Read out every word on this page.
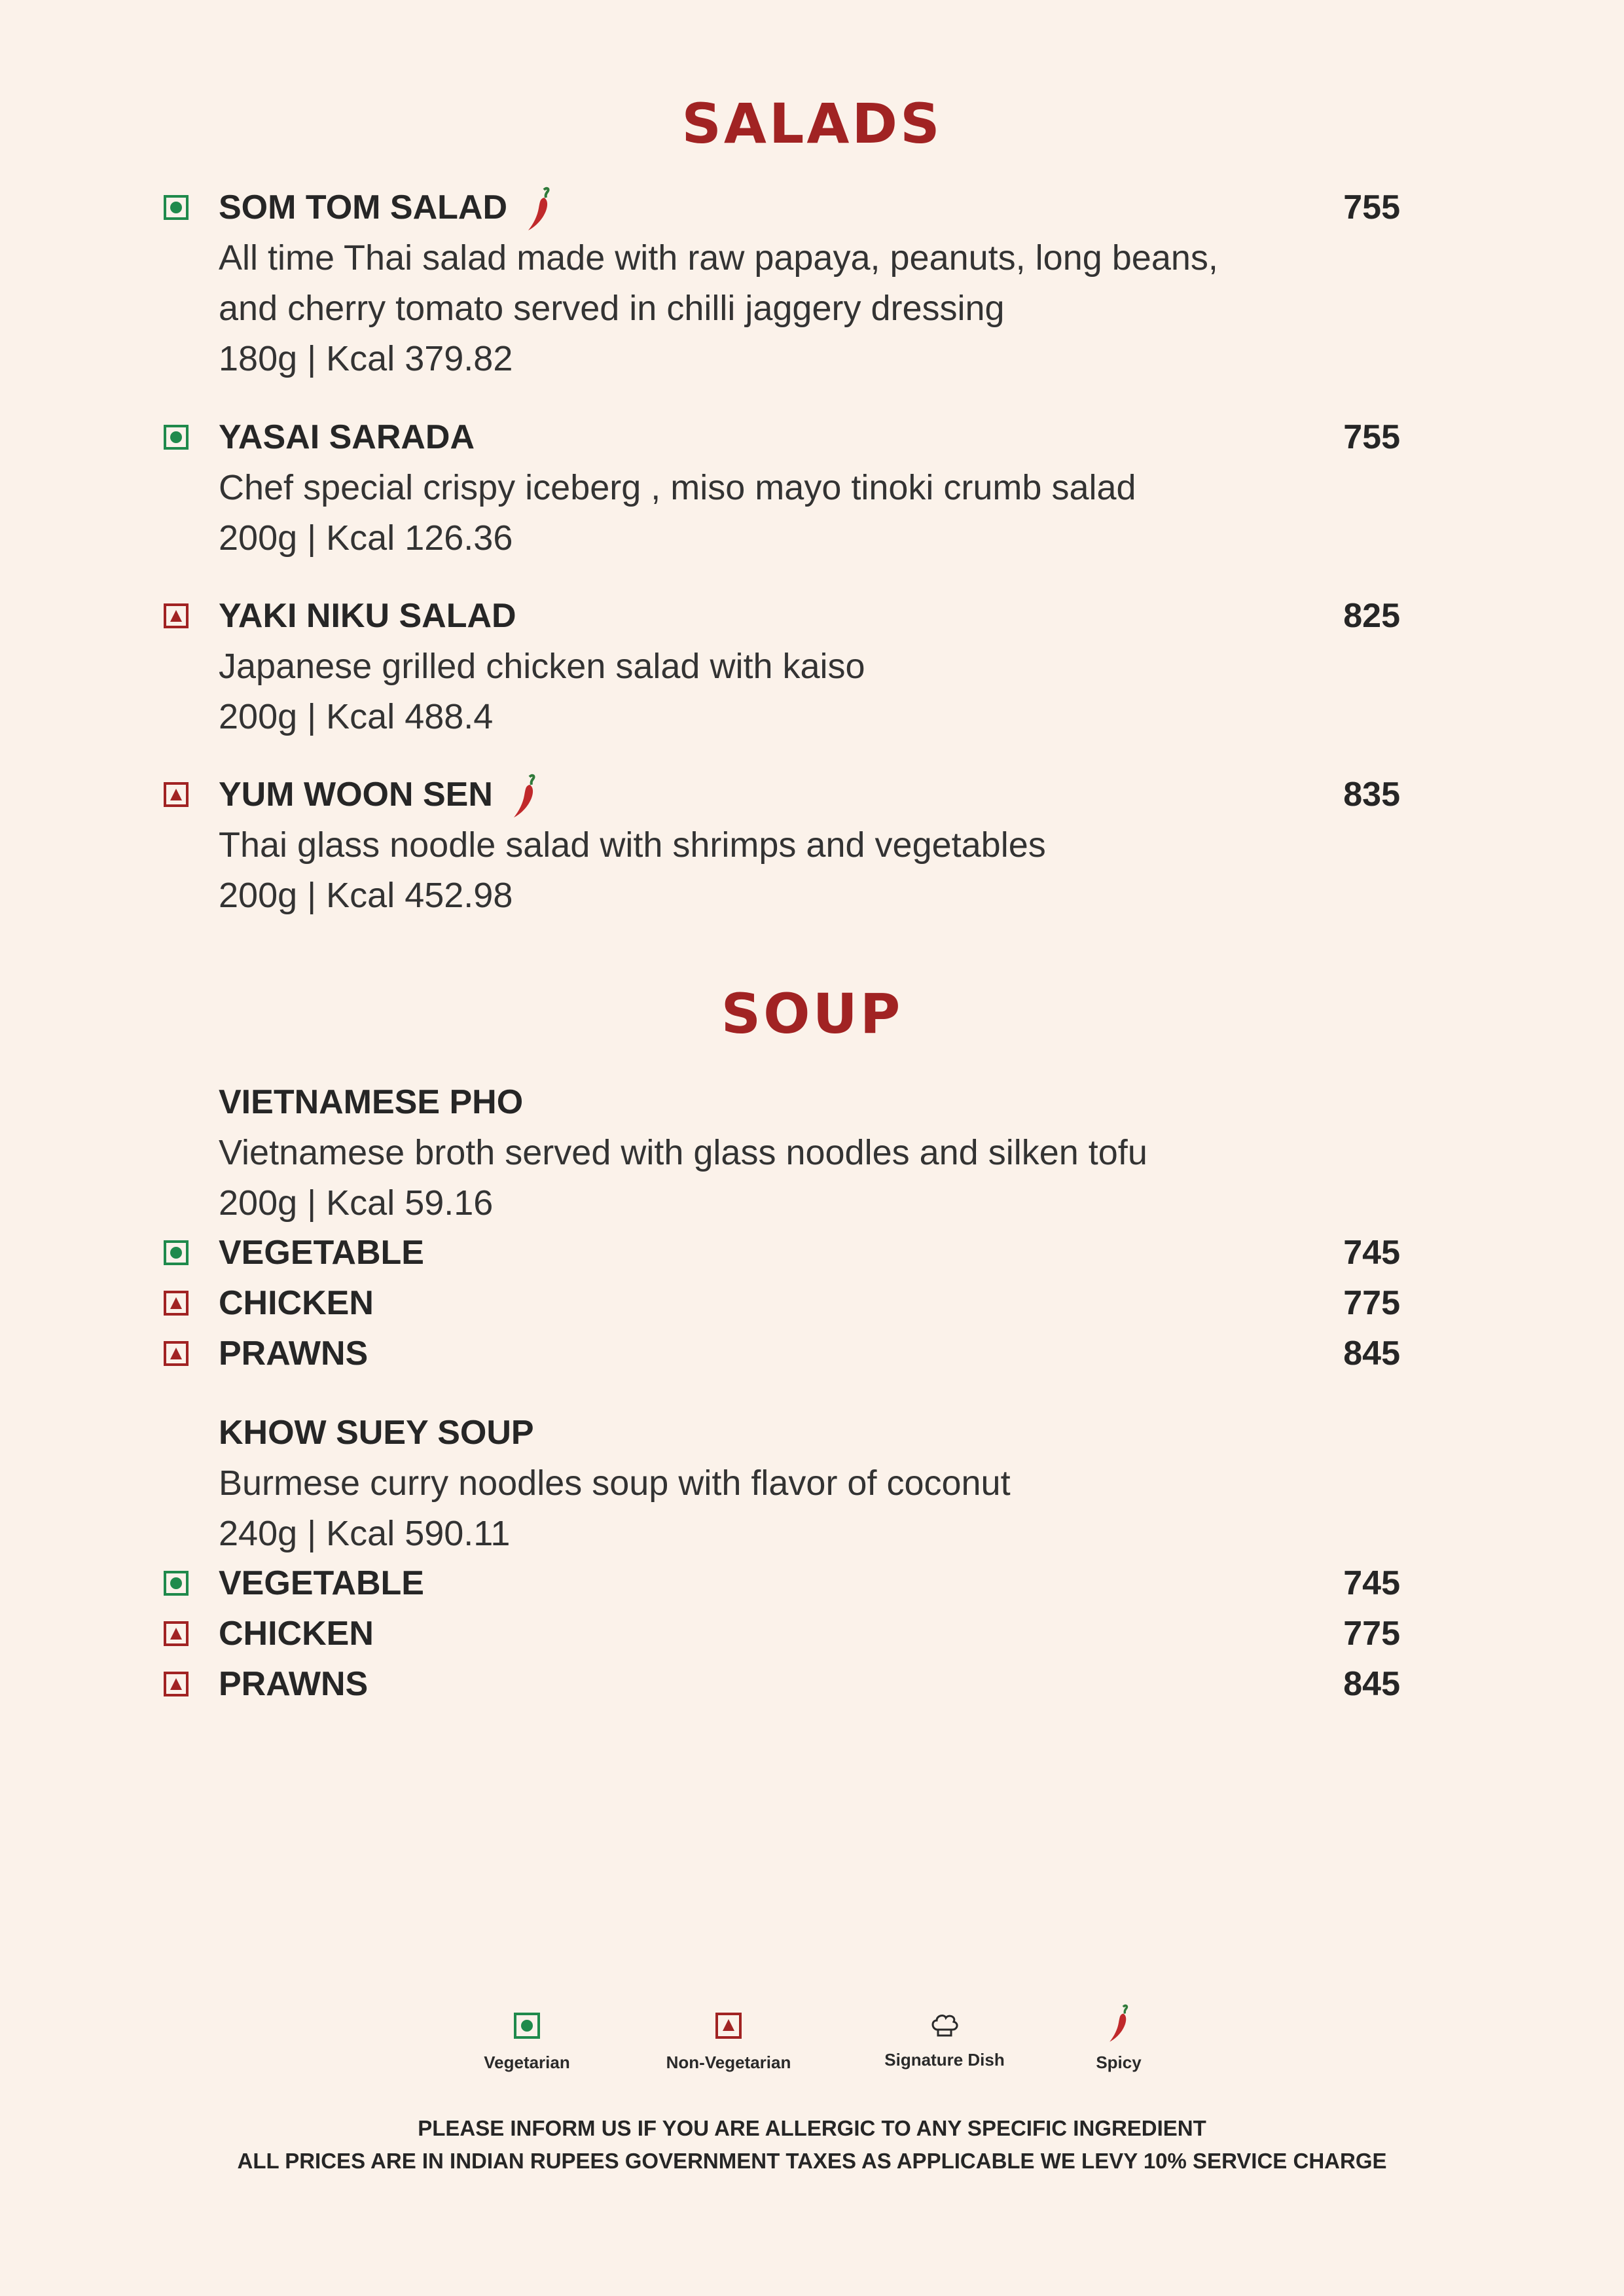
SALADS
SOM TOM SALAD	755
All time Thai salad made with raw papaya, peanuts, long beans,
and cherry tomato served in chilli jaggery dressing
180g | Kcal 379.82
YASAI SARADA	755
Chef special crispy iceberg , miso mayo tinoki crumb salad
200g | Kcal 126.36
YAKI NIKU SALAD	825
Japanese grilled chicken salad with kaiso
200g | Kcal 488.4
YUM WOON SEN	835
Thai glass noodle salad with shrimps and vegetables
200g | Kcal 452.98
SOUP
VIETNAMESE PHO
Vietnamese broth served with glass noodles and silken tofu
200g | Kcal 59.16
VEGETABLE	745
CHICKEN	775
PRAWNS	845
KHOW SUEY SOUP
Burmese curry noodles soup with flavor of coconut
240g | Kcal 590.11
VEGETABLE	745
CHICKEN	775
PRAWNS	845
Vegetarian	Non-Vegetarian	Signature Dish	Spicy
PLEASE INFORM US IF YOU ARE ALLERGIC TO ANY SPECIFIC INGREDIENT
ALL PRICES ARE IN INDIAN RUPEES GOVERNMENT TAXES AS APPLICABLE WE LEVY 10% SERVICE CHARGE
